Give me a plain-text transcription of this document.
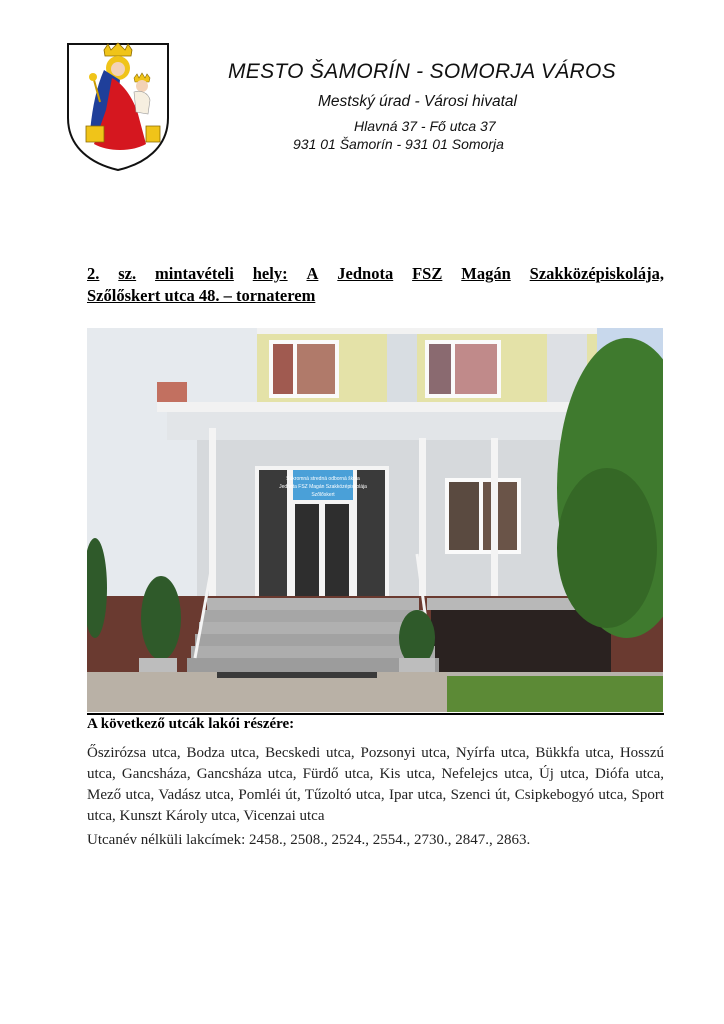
MESTO ŠAMORÍN - SOMORJA VÁROS
Mestský úrad - Városi hivatal
Hlavná 37 - Fő utca 37
931 01 Šamorín - 931 01 Somorja
2. sz. mintavételi hely: A Jednota FSZ Magán Szakközépiskolája,
Szőlőskert utca 48. – tornaterem
Súkromná stredná odborná škola
Jednota FSZ Magán Szakközépiskolája
Szőlőskert
A következő utcák lakói részére:
Őszirózsa utca, Bodza utca, Becskedi utca, Pozsonyi utca, Nyírfa utca, Bükkfa utca, Hosszú utca, Gancsháza, Gancsháza utca, Fürdő utca, Kis utca, Nefelejcs utca, Új utca, Diófa utca, Mező utca, Vadász utca, Pomléi út, Tűzoltó utca, Ipar utca, Szenci út, Csipkebogyó utca, Sport utca, Kunszt Károly utca, Vicenzai utca
Utcanév nélküli lakcímek: 2458., 2508., 2524., 2554., 2730., 2847., 2863.
